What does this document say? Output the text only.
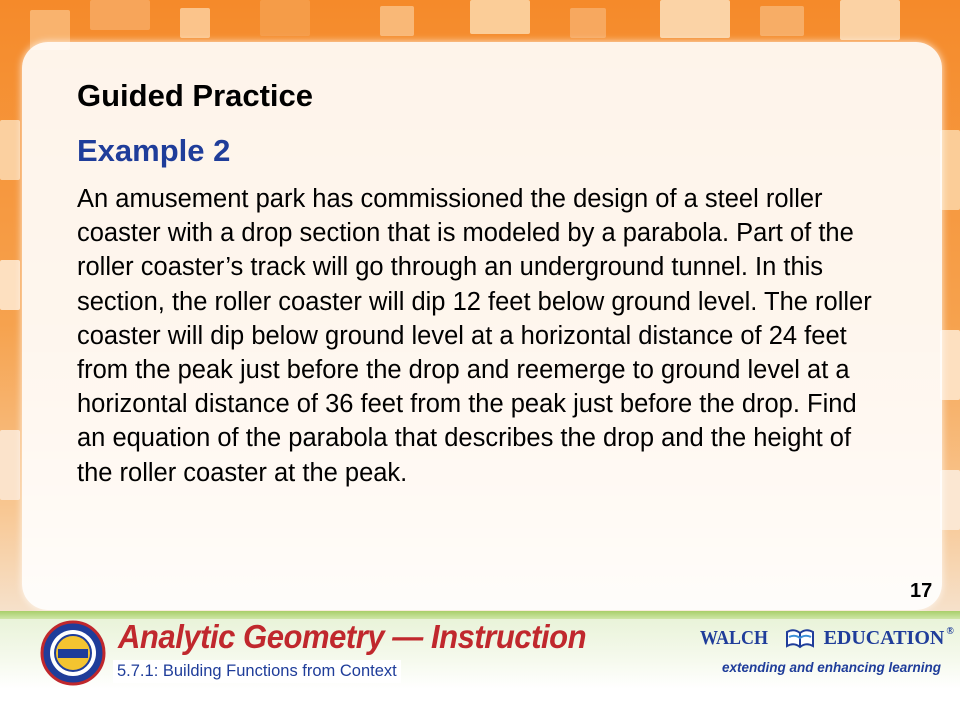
Guided Practice
Example 2

An amusement park has commissioned the design of a steel roller coaster with a drop section that is modeled by a parabola. Part of the roller coaster’s track will go through an underground tunnel. In this section, the roller coaster will dip 12 feet below ground level. The roller coaster will dip below ground level at a horizontal distance of 24 feet from the peak just before the drop and reemerge to ground level at a horizontal distance of 36 feet from the peak just before the drop. Find an equation of the parabola that describes the drop and the height of the roller coaster at the peak.

17
Analytic Geometry — Instruction
5.7.1: Building Functions from Context
WALCH	EDUCATION ®
extending and enhancing learning
